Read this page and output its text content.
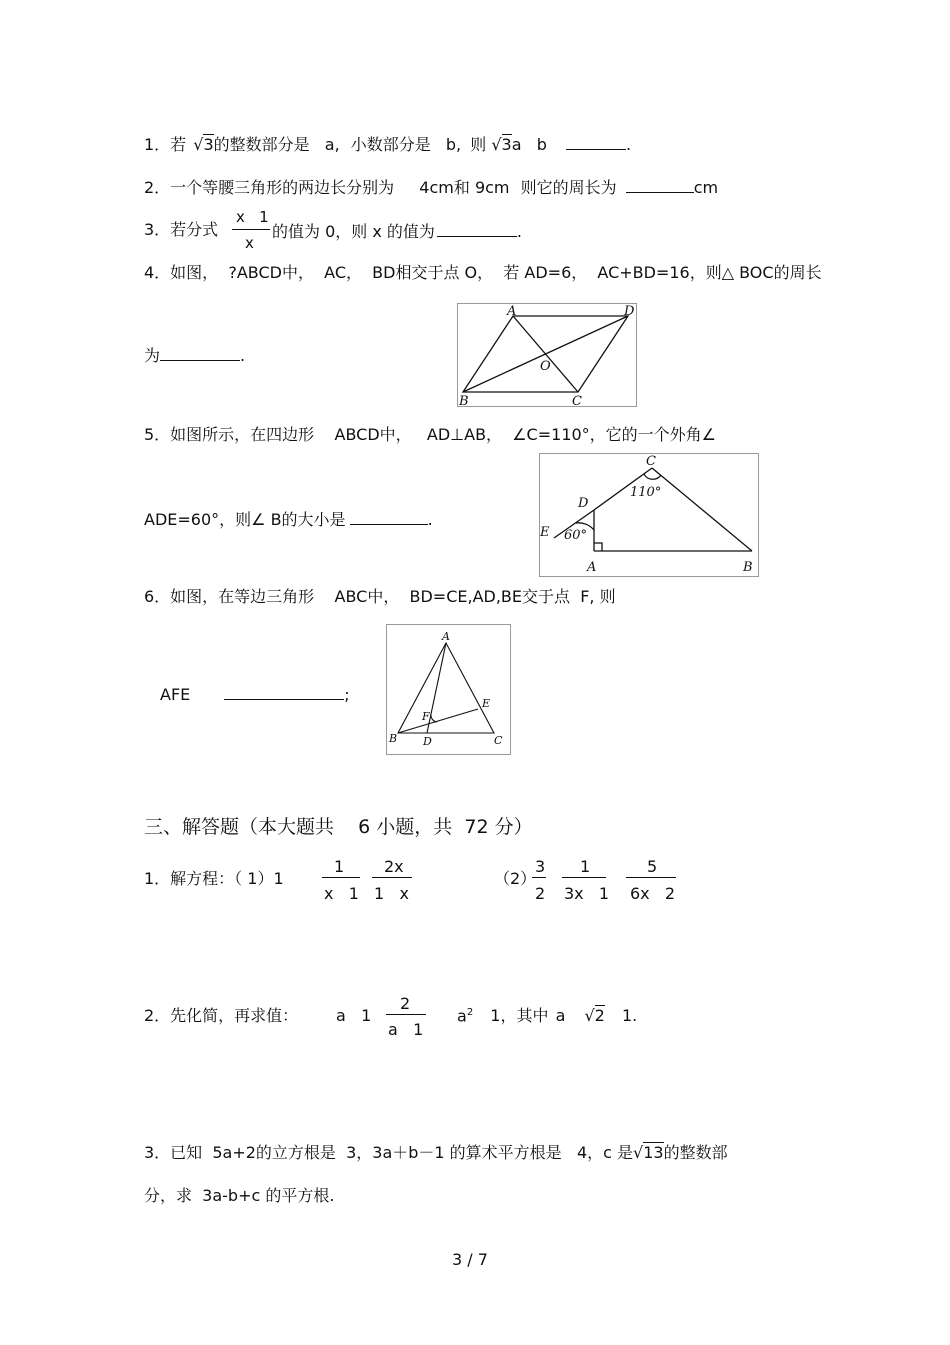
1．若 √3的整数部分是 a, 小数部分是 b, 则 √3a   b	.
2．一个等腰三角形的两边长分别为 4cm和 9cm 则它的周长为	cm
3．若分式
x   1
x
的值为 0，则 x 的值为	.
4．如图，  ?ABCD中，  AC，  BD相交于点 O，  若 AD=6，  AC+BD=16，则△ BOC的周长
为	.
A	D
O
B	C
5．如图所示，在四边形    ABCD中，   AD⊥AB，  ∠C=110°，它的一个外角∠
ADE=60°，则∠ B的大小是	.
C
110°
D
E 60°
A	B
6．如图，在等边三角形    ABC中，  BD=CE,AD,BE交于点  F, 则
AFE	;
A
B	C
D
E
F
三、解答题（本大题共    6 小题，共  72 分）
1．解方程：（ 1）1
1
x   1
2x
1   x
（2）
3
2
1
3x   1
5
6x   2
2．先化简，再求值： a   1
2
a   1
$a^2$ 1，其中 a √2 1.
3．已知  5a+2的立方根是  3，3a＋b－1 的算术平方根是   4，c 是√13的整数部
分，求  3a-b+c 的平方根.
3 / 7
